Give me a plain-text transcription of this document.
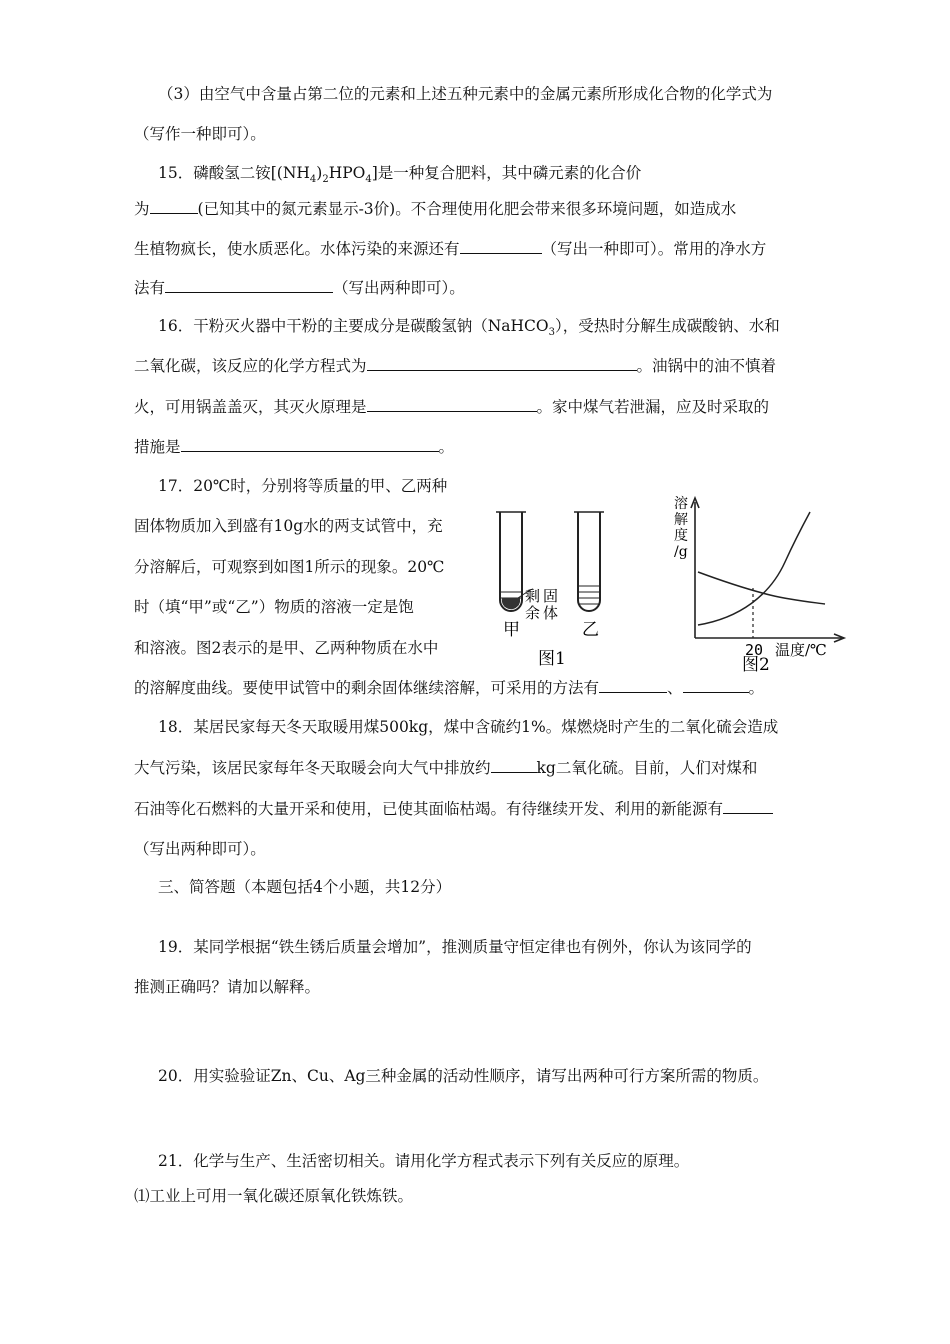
（3）由空气中含量占第二位的元素和上述五种元素中的金属元素所形成化合物的化学式为
（写作一种即可）。
15．磷酸氢二铵$[(NH_4)_2HPO_4]$是一种复合肥料，其中磷元素的化合价
为	(已知其中的氮元素显示-3价)。不合理使用化肥会带来很多环境问题，如造成水
生植物疯长，使水质恶化。水体污染的来源还有	（写出一种即可）。常用的净水方
法有	（写出两种即可）。
16．干粉灭火器中干粉的主要成分是碳酸氢钠（NaHCO$_3$），受热时分解生成碳酸钠、水和
二氧化碳，该反应的化学方程式为	。油锅中的油不慎着
火，可用锅盖盖灭，其灭火原理是	。家中煤气若泄漏，应及时采取的
措施是	。
17．20℃时，分别将等质量的甲、乙两种
固体物质加入到盛有10g水的两支试管中，充
分溶解后，可观察到如图1所示的现象。20℃
时（填“甲”或“乙”）物质的溶液一定是饱
和溶液。图2表示的是甲、乙两种物质在水中
的溶解度曲线。要使甲试管中的剩余固体继续溶解，可采用的方法有	、	。
剩余 固体
甲	乙
图1	20 温度/℃
溶
解
度
/g
图2
18．某居民家每天冬天取暖用煤500kg，煤中含硫约1%。煤燃烧时产生的二氧化硫会造成
大气污染，该居民家每年冬天取暖会向大气中排放约	kg二氧化硫。目前，人们对煤和
石油等化石燃料的大量开采和使用，已使其面临枯竭。有待继续开发、利用的新能源有
（写出两种即可）。
三、简答题（本题包括4个小题，共12分）
19．某同学根据“铁生锈后质量会增加”，推测质量守恒定律也有例外，你认为该同学的
推测正确吗？请加以解释。
20．用实验验证Zn、Cu、Ag三种金属的活动性顺序，请写出两种可行方案所需的物质。
21．化学与生产、生活密切相关。请用化学方程式表示下列有关反应的原理。
⑴工业上可用一氧化碳还原氧化铁炼铁。
